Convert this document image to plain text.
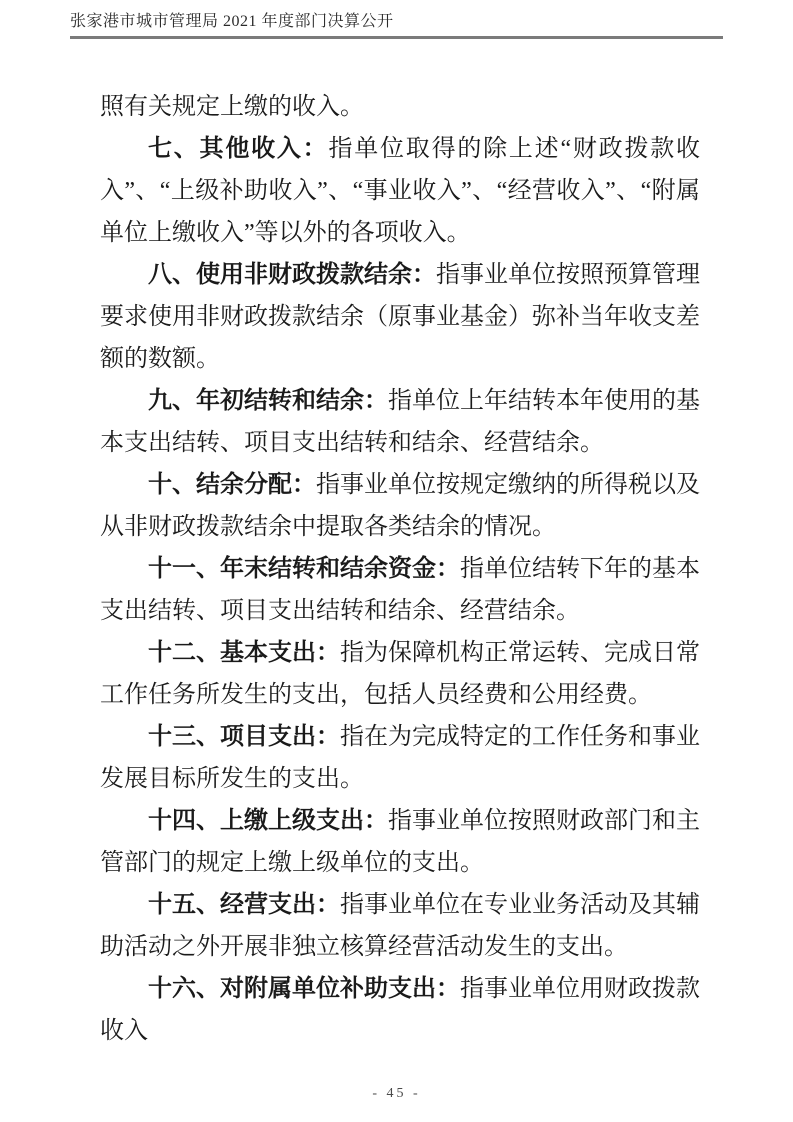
张家港市城市管理局 2021 年度部门决算公开

照有关规定上缴的收入。

七、其他收入：指单位取得的除上述“财政拨款收入”、“上级补助收入”、“事业收入”、“经营收入”、“附属单位上缴收入”等以外的各项收入。

八、使用非财政拨款结余：指事业单位按照预算管理要求使用非财政拨款结余（原事业基金）弥补当年收支差额的数额。

九、年初结转和结余：指单位上年结转本年使用的基本支出结转、项目支出结转和结余、经营结余。

十、结余分配：指事业单位按规定缴纳的所得税以及从非财政拨款结余中提取各类结余的情况。

十一、年末结转和结余资金：指单位结转下年的基本支出结转、项目支出结转和结余、经营结余。

十二、基本支出：指为保障机构正常运转、完成日常工作任务所发生的支出，包括人员经费和公用经费。

十三、项目支出：指在为完成特定的工作任务和事业发展目标所发生的支出。

十四、上缴上级支出：指事业单位按照财政部门和主管部门的规定上缴上级单位的支出。

十五、经营支出：指事业单位在专业业务活动及其辅助活动之外开展非独立核算经营活动发生的支出。

十六、对附属单位补助支出：指事业单位用财政拨款收入

- 45 -
